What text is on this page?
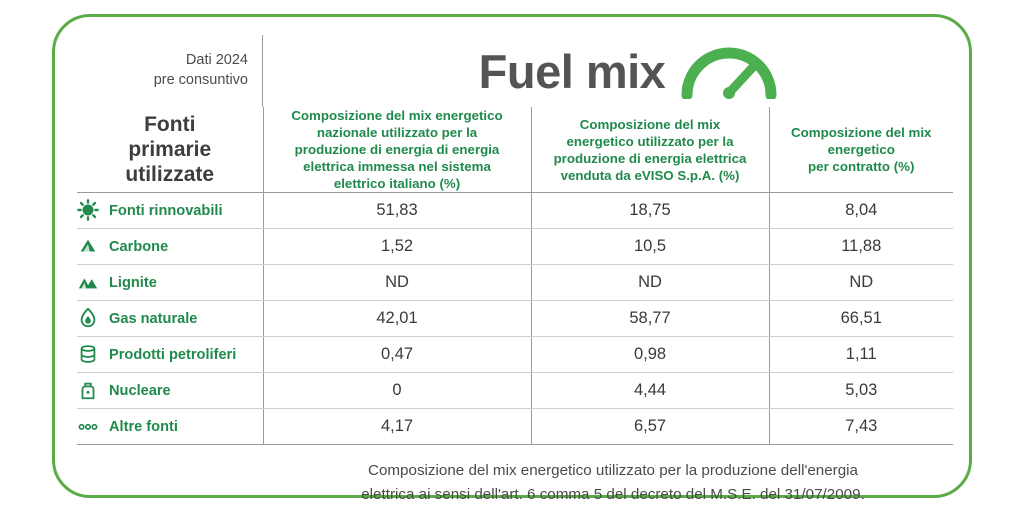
Dati 2024
pre consuntivo	Fuel mix
Fonti
primarie
utilizzate

Composizione del mix energetico
nazionale utilizzato per la
produzione di energia di energia
elettrica immessa nel sistema
elettrico italiano (%)

Composizione del mix
energetico utilizzato per la
produzione di energia elettrica
venduta da eVISO S.p.A. (%)

Composizione del mix
energetico
per contratto (%)

Fonti rinnovabili	51,83	18,75	8,04

Carbone	1,52	10,5	11,88

Lignite	ND	ND	ND

Gas naturale	42,01	58,77	66,51

Prodotti petroliferi	0,47	0,98	1,11

Nucleare	0	4,44	5,03

Altre fonti	4,17	6,57	7,43
Composizione del mix energetico utilizzato per la produzione dell'energia
elettrica ai sensi dell'art. 6 comma 5 del decreto del M.S.E. del 31/07/2009.
